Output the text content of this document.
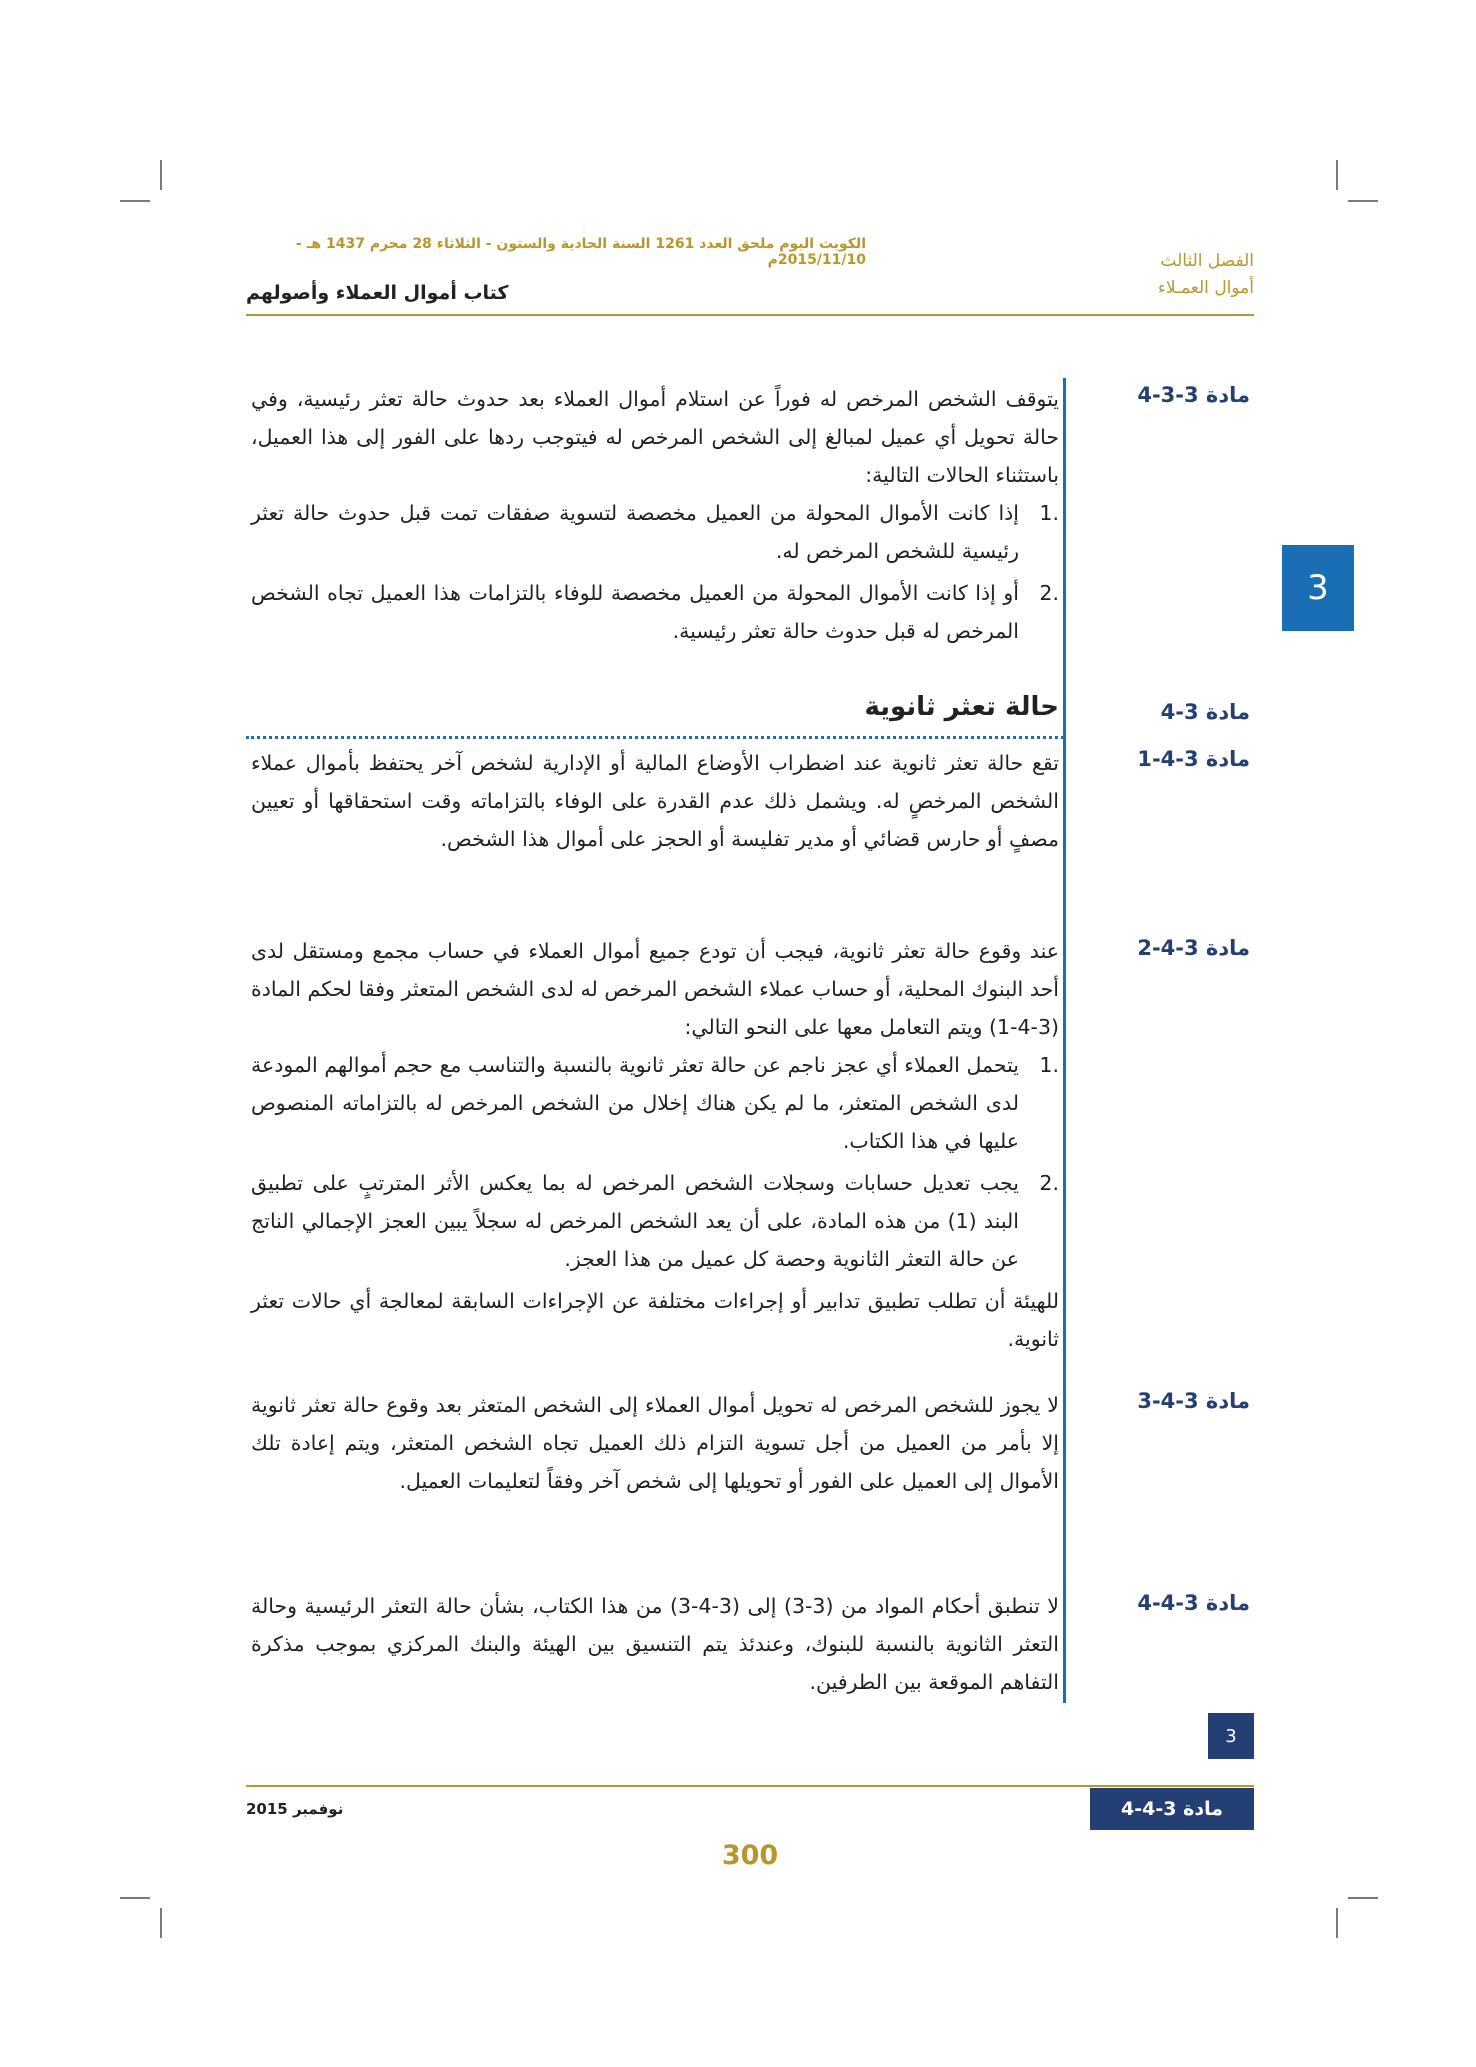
الكويت اليوم ملحق العدد 1261 السنة الحادية والستون - الثلاثاء 28 محرم 1437 هـ - 2015/11/10م	الفصل الثالث
أموال العمـلاء
كتاب أموال العملاء وأصولهم
3
مادة 3-3-4

يتوقف الشخص المرخص له فوراً عن استلام أموال العملاء بعد حدوث حالة تعثر رئيسية، وفي حالة تحويل أي عميل لمبالغ إلى الشخص المرخص له فيتوجب ردها على الفور إلى هذا العميل، باستثناء الحالات التالية:

.1
إذا كانت الأموال المحولة من العميل مخصصة لتسوية صفقات تمت قبل حدوث حالة تعثر رئيسية للشخص المرخص له.
.2
أو إذا كانت الأموال المحولة من العميل مخصصة للوفاء بالتزامات هذا العميل تجاه الشخص المرخص له قبل حدوث حالة تعثر رئيسية.
مادة 3-4
حالة تعثر ثانوية
مادة 3-4-1

تقع حالة تعثر ثانوية عند اضطراب الأوضاع المالية أو الإدارية لشخص آخر يحتفظ بأموال عملاء الشخص المرخصٍ له. ويشمل ذلك عدم القدرة على الوفاء بالتزاماته وقت استحقاقها أو تعيين مصفٍ أو حارس قضائي أو مدير تفليسة أو الحجز على أموال هذا الشخص.

مادة 3-4-2

عند وقوع حالة تعثر ثانوية، فيجب أن تودع جميع أموال العملاء في حساب مجمع ومستقل لدى أحد البنوك المحلية، أو حساب عملاء الشخص المرخص له لدى الشخص المتعثر وفقا لحكم المادة (3-4-1) ويتم التعامل معها على النحو التالي:

.1
يتحمل العملاء أي عجز ناجم عن حالة تعثر ثانوية بالنسبة والتناسب مع حجم أموالهم المودعة لدى الشخص المتعثر، ما لم يكن هناك إخلال من الشخص المرخص له بالتزاماته المنصوص عليها في هذا الكتاب.
.2
يجب تعديل حسابات وسجلات الشخص المرخص له بما يعكس الأثر المترتبٍ على تطبيق البند (1) من هذه المادة، على أن يعد الشخص المرخص له سجلاً يبين العجز الإجمالي الناتج عن حالة التعثر الثانوية وحصة كل عميل من هذا العجز.

للهيئة أن تطلب تطبيق تدابير أو إجراءات مختلفة عن الإجراءات السابقة لمعالجة أي حالات تعثر ثانوية.

مادة 3-4-3

لا يجوز للشخص المرخص له تحويل أموال العملاء إلى الشخص المتعثر بعد وقوع حالة تعثر ثانوية إلا بأمر من العميل من أجل تسوية التزام ذلك العميل تجاه الشخص المتعثر، ويتم إعادة تلك الأموال إلى العميل على الفور أو تحويلها إلى شخص آخر وفقاً لتعليمات العميل.

مادة 3-4-4

لا تنطبق أحكام المواد من (3-3) إلى (3-4-3) من هذا الكتاب، بشأن حالة التعثر الرئيسية وحالة التعثر الثانوية بالنسبة للبنوك، وعندئذ يتم التنسيق بين الهيئة والبنك المركزي بموجب مذكرة التفاهم الموقعة بين الطرفين.

3
نوفمبر 2015	مادة 3-4-4
300
